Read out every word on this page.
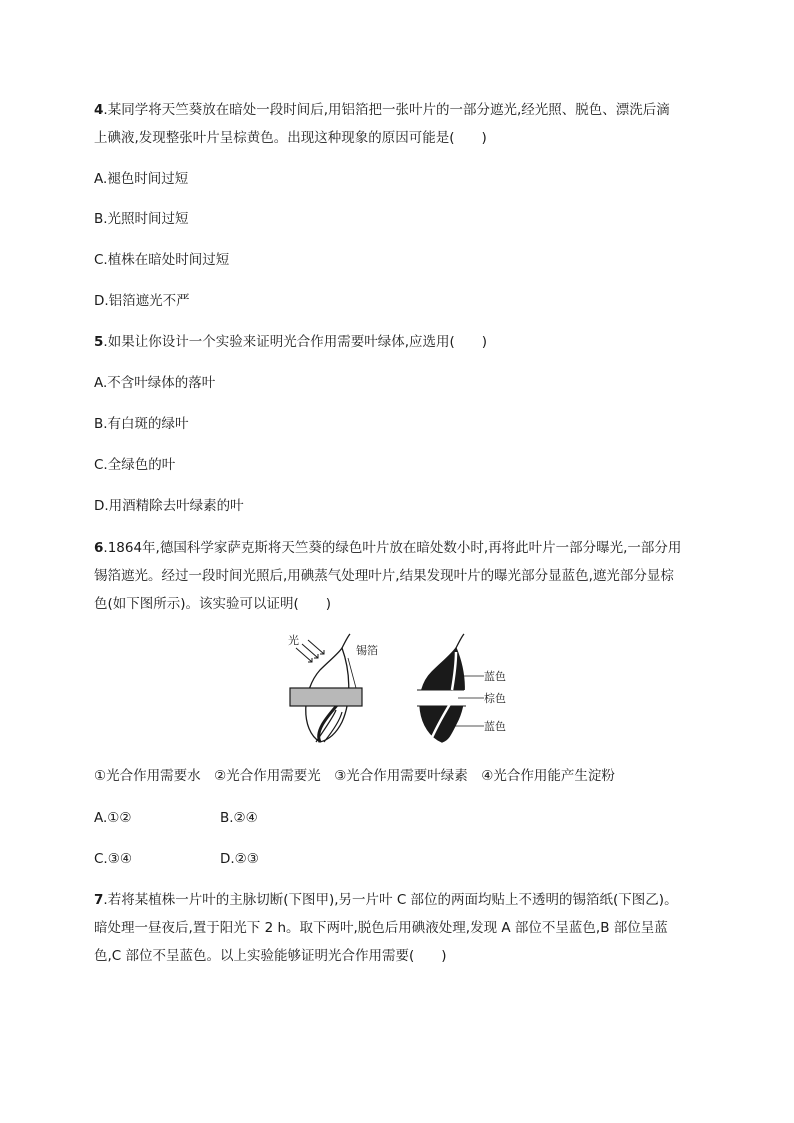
4.某同学将天竺葵放在暗处一段时间后,用铝箔把一张叶片的一部分遮光,经光照、脱色、漂洗后滴
上碘液,发现整张叶片呈棕黄色。出现这种现象的原因可能是(　　)
A.褪色时间过短
B.光照时间过短
C.植株在暗处时间过短
D.铝箔遮光不严
5.如果让你设计一个实验来证明光合作用需要叶绿体,应选用(　　)
A.不含叶绿体的落叶
B.有白斑的绿叶
C.全绿色的叶
D.用酒精除去叶绿素的叶
6.1864年,德国科学家萨克斯将天竺葵的绿色叶片放在暗处数小时,再将此叶片一部分曝光,一部分用
锡箔遮光。经过一段时间光照后,用碘蒸气处理叶片,结果发现叶片的曝光部分显蓝色,遮光部分显棕
色(如下图所示)。该实验可以证明(　　)
光
锡箔
蓝色
棕色
蓝色
①光合作用需要水　②光合作用需要光　③光合作用需要叶绿素　④光合作用能产生淀粉
A.①②	B.②④
C.③④	D.②③
7.若将某植株一片叶的主脉切断(下图甲),另一片叶 C 部位的两面均贴上不透明的锡箔纸(下图乙)。
暗处理一昼夜后,置于阳光下 2 h。取下两叶,脱色后用碘液处理,发现 A 部位不呈蓝色,B 部位呈蓝
色,C 部位不呈蓝色。以上实验能够证明光合作用需要(　　)
